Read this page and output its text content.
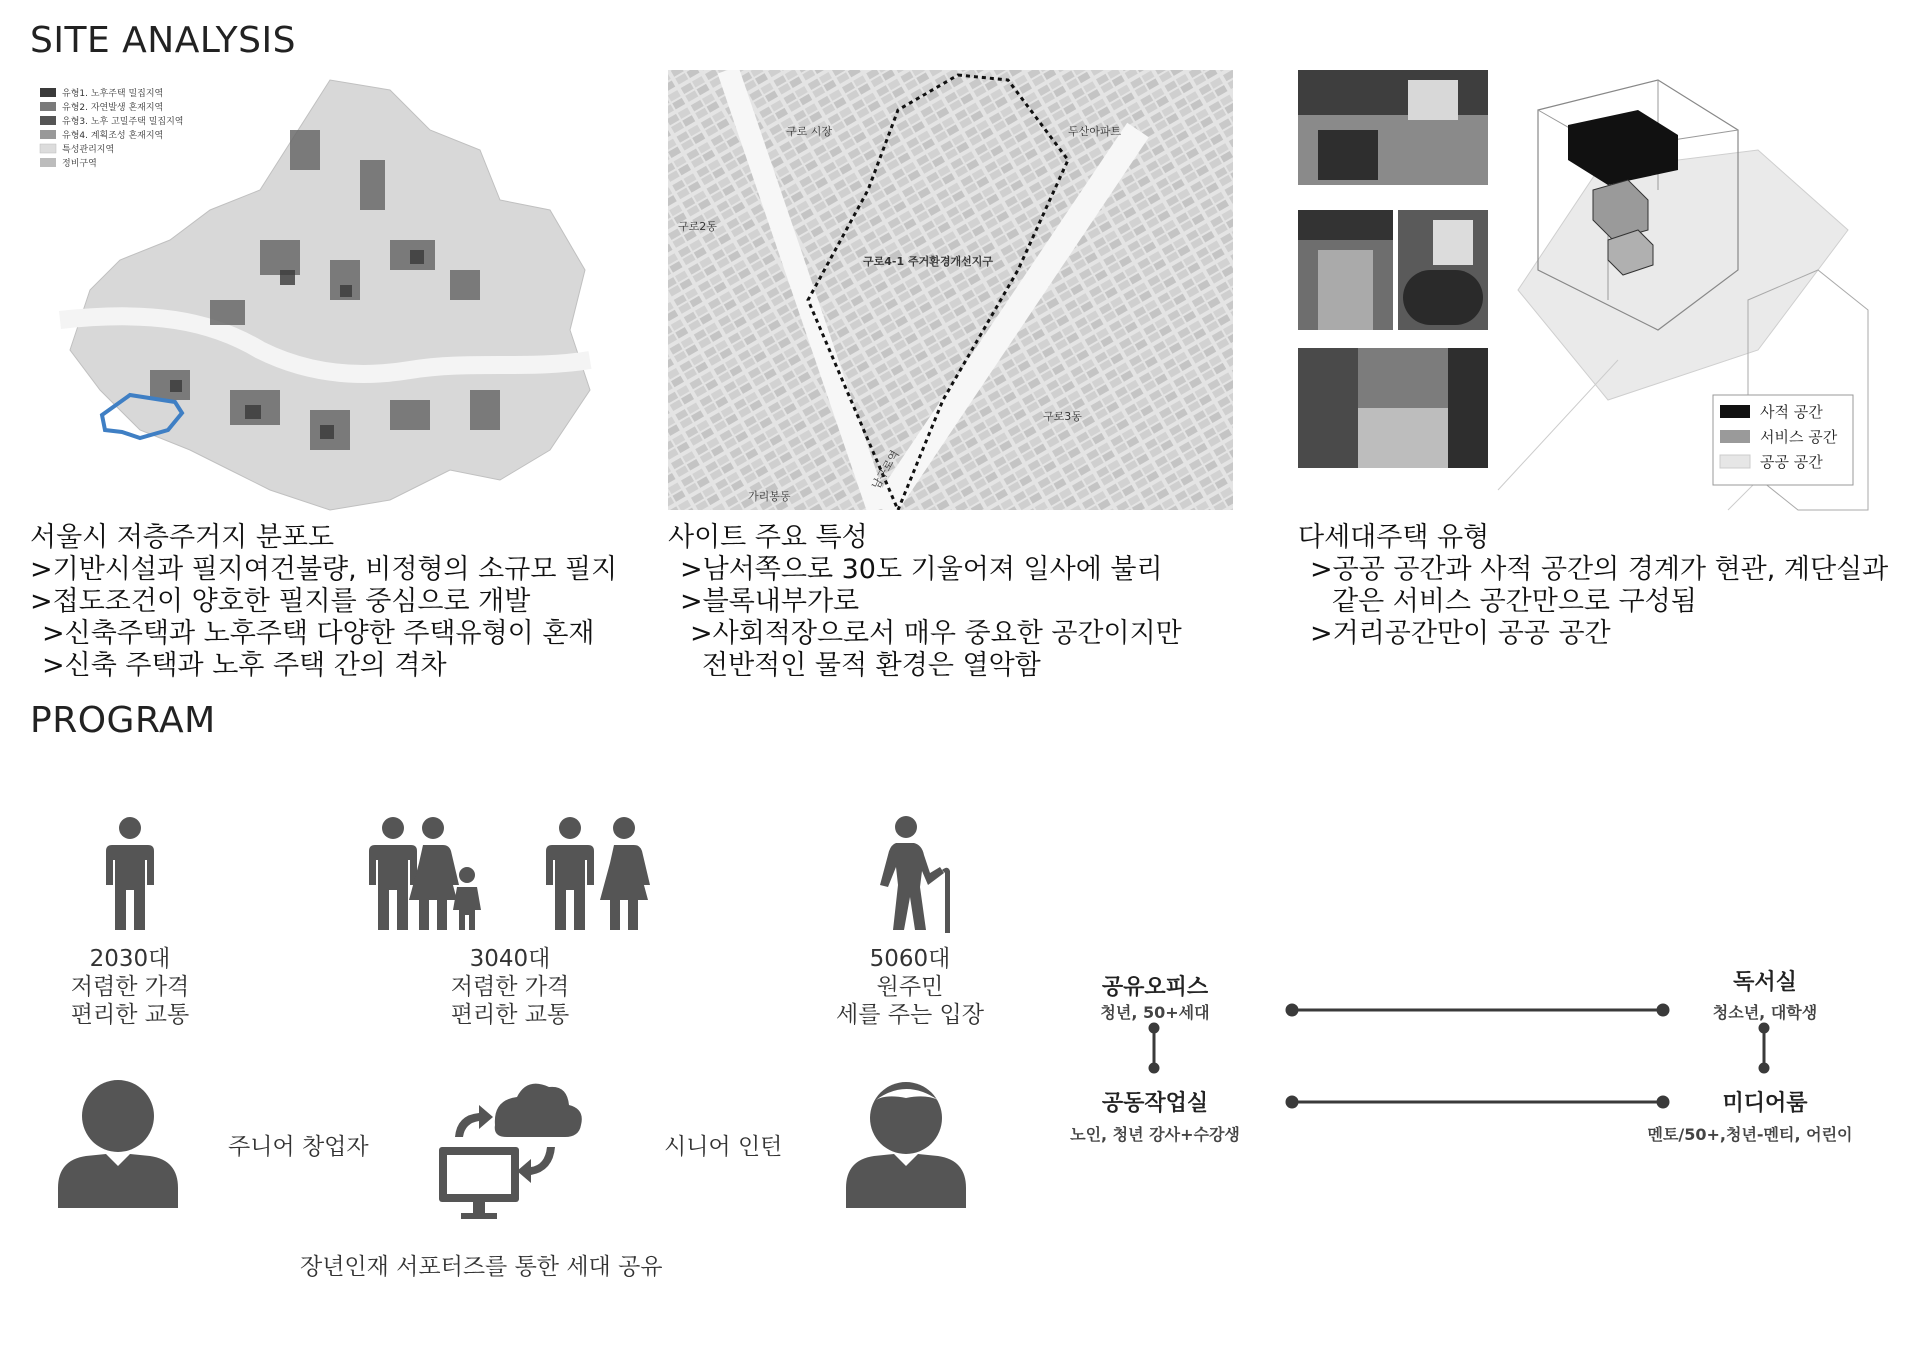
SITE ANALYSIS
PROGRAM
유형1. 노후주택 밀집지역
유형2. 자연발생 혼재지역
유형3. 노후 고밀주택 밀집지역
유형4. 계획조성 혼재지역
특성관리지역
정비구역
구로 시장	두산아파트
구로2동
구로4-1 주거환경개선지구
구로3동
가리봉동
남구로역
사적 공간
서비스 공간
공공 공간
서울시 저층주거지 분포도
>기반시설과 필지여건불량, 비정형의 소규모 필지
>접도조건이 양호한 필지를 중심으로 개발
>신축주택과 노후주택 다양한 주택유형이 혼재
>신축 주택과 노후 주택 간의 격차
사이트 주요 특성
>남서쪽으로 30도 기울어져 일사에 불리
>블록내부가로
>사회적장으로서 매우 중요한 공간이지만
전반적인 물적 환경은 열악함
다세대주택 유형
>공공 공간과 사적 공간의 경계가 현관, 계단실과
같은 서비스 공간만으로 구성됨
>거리공간만이 공공 공간
2030대
저렴한 가격
편리한 교통
3040대
저렴한 가격
편리한 교통
5060대
원주민
세를 주는 입장
주니어 창업자	시니어 인턴
장년인재 서포터즈를 통한 세대 공유
공유오피스
청년, 50+세대
독서실
청소년, 대학생
공동작업실
노인, 청년 강사+수강생
미디어룸
멘토/50+,청년-멘티, 어린이
